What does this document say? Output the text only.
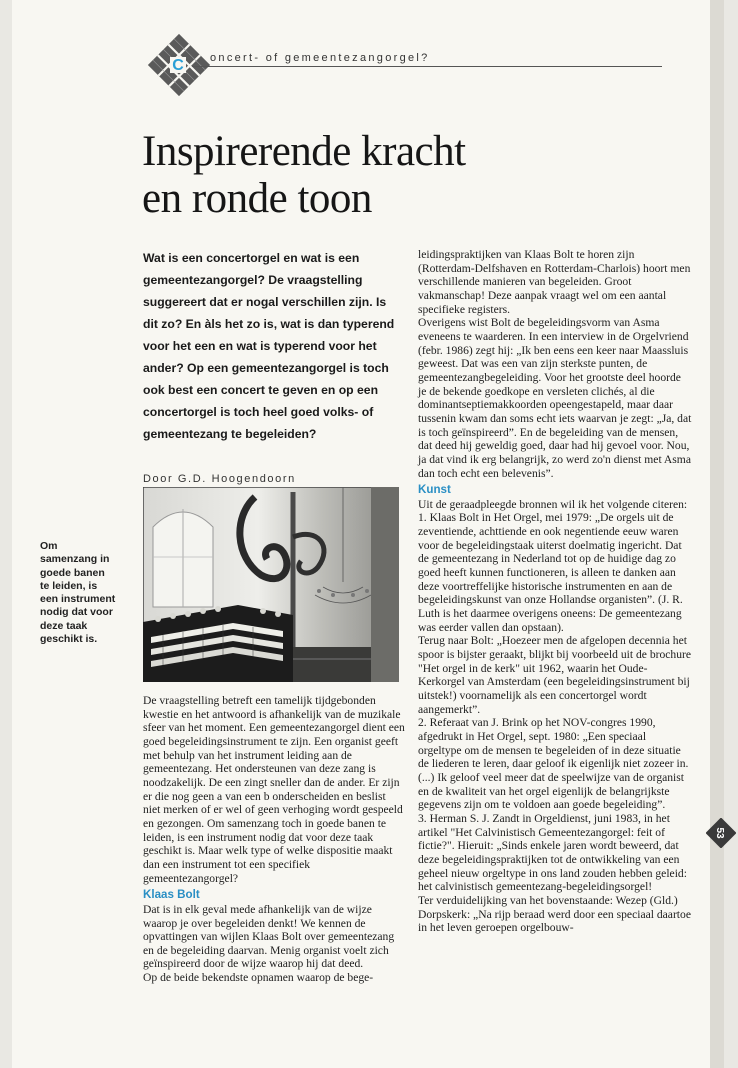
C oncert- of gemeentezangorgel?
Inspirerende kracht
en ronde toon
Wat is een concertorgel en wat is een gemeentezangorgel? De vraagstelling suggereert dat er nogal verschillen zijn. Is dit zo? En àls het zo is, wat is dan typerend voor het een en wat is typerend voor het ander? Op een gemeentezangorgel is toch ook best een concert te geven en op een concertorgel is toch heel goed volks- of gemeentezang te begeleiden?
Door G.D. Hoogendoorn
Om samenzang in goede banen te leiden, is een instrument nodig dat voor deze taak geschikt is.

De vraagstelling betreft een tamelijk tijdgebonden kwestie en het antwoord is afhankelijk van de muzikale sfeer van het moment. Een gemeentezangorgel dient een goed begeleidingsinstrument te zijn. Een organist geeft met behulp van het instrument leiding aan de gemeentezang. Het ondersteunen van deze zang is noodzakelijk. De een zingt sneller dan de ander. Er zijn er die nog geen a van een b onderscheiden en beslist niet merken of er wel of geen verhoging wordt gespeeld en gezongen. Om samenzang toch in goede banen te leiden, is een instrument nodig dat voor deze taak geschikt is. Maar welk type of welke dispositie maakt dan een instrument tot een specifiek gemeentezangorgel?

Klaas Bolt

Dat is in elk geval mede afhankelijk van de wijze waarop je over begeleiden denkt! We kennen de opvattingen van wijlen Klaas Bolt over gemeentezang en de begeleiding daarvan. Menig organist voelt zich geïnspireerd door de wijze waarop hij dat deed.

Op de beide bekendste opnamen waarop de bege-

leidingspraktijken van Klaas Bolt te horen zijn (Rotterdam-Delfshaven en Rotterdam-Charlois) hoort men verschillende manieren van begeleiden. Groot vakmanschap! Deze aanpak vraagt wel om een aantal specifieke registers.

Overigens wist Bolt de begeleidingsvorm van Asma eveneens te waarderen. In een interview in de Orgelvriend (febr. 1986) zegt hij: „Ik ben eens een keer naar Maassluis geweest. Dat was een van zijn sterkste punten, de gemeentezangbegeleiding. Voor het grootste deel hoorde je de bekende goedkope en versleten clichés, al die dominantseptiemakkoorden opeengestapeld, maar daar tussenin kwam dan soms echt iets waarvan je zegt: „Ja, dat is toch geïnspireerd”. En de begeleiding van de mensen, dat deed hij geweldig goed, daar had hij gevoel voor. Nou, ja dat vind ik erg belangrijk, zo werd zo'n dienst met Asma dan toch echt een belevenis”.

Kunst

Uit de geraadpleegde bronnen wil ik het volgende citeren:

1. Klaas Bolt in Het Orgel, mei 1979: „De orgels uit de zeventiende, achttiende en ook negentiende eeuw waren voor de begeleidingstaak uiterst doelmatig ingericht. Dat de gemeentezang in Nederland tot op de huidige dag zo goed heeft kunnen functioneren, is alleen te danken aan deze voortreffelijke historische instrumenten en aan de begeleidingskunst van onze Hollandse organisten”. (J. R. Luth is het daarmee overigens oneens: De gemeentezang was eerder vallen dan opstaan).

Terug naar Bolt: „Hoezeer men de afgelopen decennia het spoor is bijster geraakt, blijkt bij voorbeeld uit de brochure "Het orgel in de kerk" uit 1962, waarin het Oude-Kerkorgel van Amsterdam (een begeleidingsinstrument bij uitstek!) voornamelijk als een concertorgel wordt aangemerkt”.

2. Referaat van J. Brink op het NOV-congres 1990, afgedrukt in Het Orgel, sept. 1980: „Een speciaal orgeltype om de mensen te begeleiden of in deze situatie de liederen te leren, daar geloof ik eigenlijk niet zozeer in. (...) Ik geloof veel meer dat de speelwijze van de organist en de kwaliteit van het orgel eigenlijk de belangrijkste gegevens zijn om te voldoen aan goede begeleiding”.

3. Herman S. J. Zandt in Orgeldienst, juni 1983, in het artikel "Het Calvinistisch Gemeentezangorgel: feit of fictie?". Hieruit: „Sinds enkele jaren wordt beweerd, dat deze begeleidingspraktijken tot de ontwikkeling van een geheel nieuw orgeltype in ons land zouden hebben geleid: het calvinistisch gemeentezang-begeleidingsorgel!

Ter verduidelijking van het bovenstaande: Wezep (Gld.) Dorpskerk: „Na rijp beraad werd door een speciaal daartoe in het leven geroepen orgelbouw-

53
